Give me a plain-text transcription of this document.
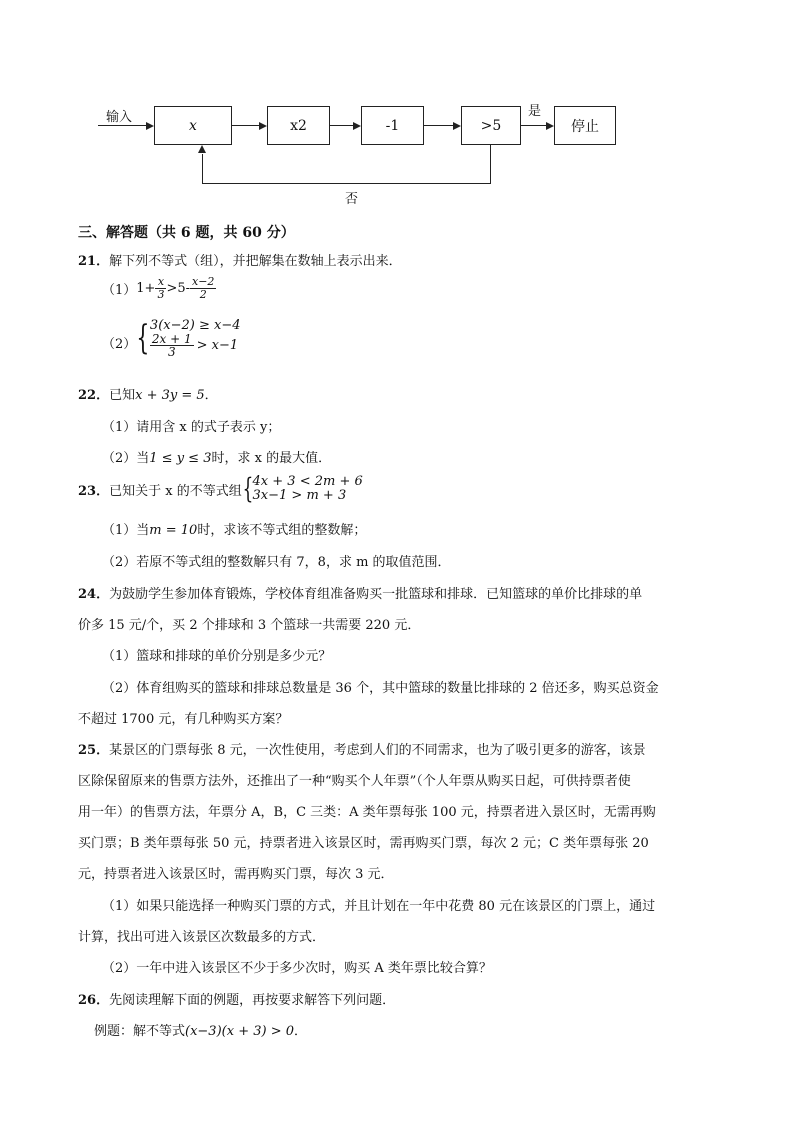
输入	x	x2	-1	>5
是
停止
否
三、解答题（共 6 题，共 60 分）
21．解下列不等式（组），并把解集在数轴上表示出来．
（1） $1+ \frac{x}{3} >5- \frac{x-2}{2}$
（2） { 3(x−2) ≥ x−4
$\frac{2x + 1}{3} > x-1$
22．已知x + 3y = 5．
（1）请用含 x 的式子表示 y；
（2）当1 ≤ y ≤ 3时，求 x 的最大值．
23． 已知关于 x 的不等式组 { 4x + 3 < 2m + 6
3x−1 > m + 3
（1）当m = 10时，求该不等式组的整数解；
（2）若原不等式组的整数解只有 7，8，求 m 的取值范围．
24．为鼓励学生参加体育锻炼，学校体育组准备购买一批篮球和排球．已知篮球的单价比排球的单
价多 15 元/个，买 2 个排球和 3 个篮球一共需要 220 元．
（1）篮球和排球的单价分别是多少元？
（2）体育组购买的篮球和排球总数量是 36 个，其中篮球的数量比排球的 2 倍还多，购买总资金
不超过 1700 元，有几种购买方案？
25．某景区的门票每张 8 元，一次性使用，考虑到人们的不同需求，也为了吸引更多的游客，该景
区除保留原来的售票方法外，还推出了一种“购买个人年票”（个人年票从购买日起，可供持票者使
用一年）的售票方法，年票分 A，B，C 三类：A 类年票每张 100 元，持票者进入景区时，无需再购
买门票；B 类年票每张 50 元，持票者进入该景区时，需再购买门票，每次 2 元；C 类年票每张 20
元，持票者进入该景区时，需再购买门票，每次 3 元．
（1）如果只能选择一种购买门票的方式，并且计划在一年中花费 80 元在该景区的门票上，通过
计算，找出可进入该景区次数最多的方式．
（2）一年中进入该景区不少于多少次时，购买 A 类年票比较合算？
26．先阅读理解下面的例题，再按要求解答下列问题．
例题：解不等式(x−3)(x + 3) > 0．
